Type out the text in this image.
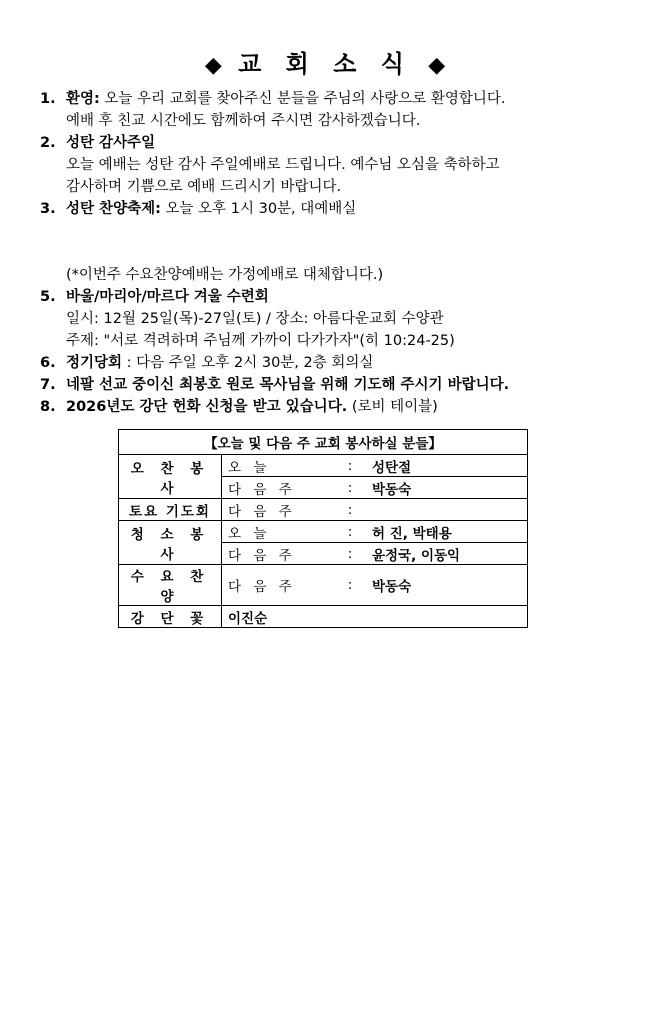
◆ 교 회 소 식 ◆
1. 환영: 오늘 우리 교회를 찾아주신 분들을 주님의 사랑으로 환영합니다.
예배 후 친교 시간에도 함께하여 주시면 감사하겠습니다.
2. 성탄 감사주일
오늘 예배는 성탄 감사 주일예배로 드립니다. 예수님 오심을 축하하고
감사하며 기쁨으로 예배 드리시기 바랍니다.
3. 성탄 찬양축제: 오늘 오후 1시 30분, 대예배실
(*이번주 수요찬양예배는 가정예배로 대체합니다.)
5. 바울/마리아/마르다 겨울 수련회
일시: 12월 25일(목)-27일(토) / 장소: 아름다운교회 수양관
주제: "서로 격려하며 주님께 가까이 다가가자"(히 10:24-25)
6. 정기당회 : 다음 주일 오후 2시 30분, 2층 회의실
7. 네팔 선교 중이신 최봉호 원로 목사님을 위해 기도해 주시기 바랍니다.
8. 2026년도 강단 헌화 신청을 받고 있습니다. (로비 테이블)
【오늘 및 다음 주 교회 봉사하실 분들】			
오 찬 봉 사	오 늘	:	성탄절
	다 음 주	:	박동숙
토요 기도회	다 음 주	:	
청 소 봉 사	오 늘	:	허 진, 박태용
	다 음 주	:	윤정국, 이동익
수 요 찬 양	다 음 주	:	박동숙
강 단 꽃	이진순		
